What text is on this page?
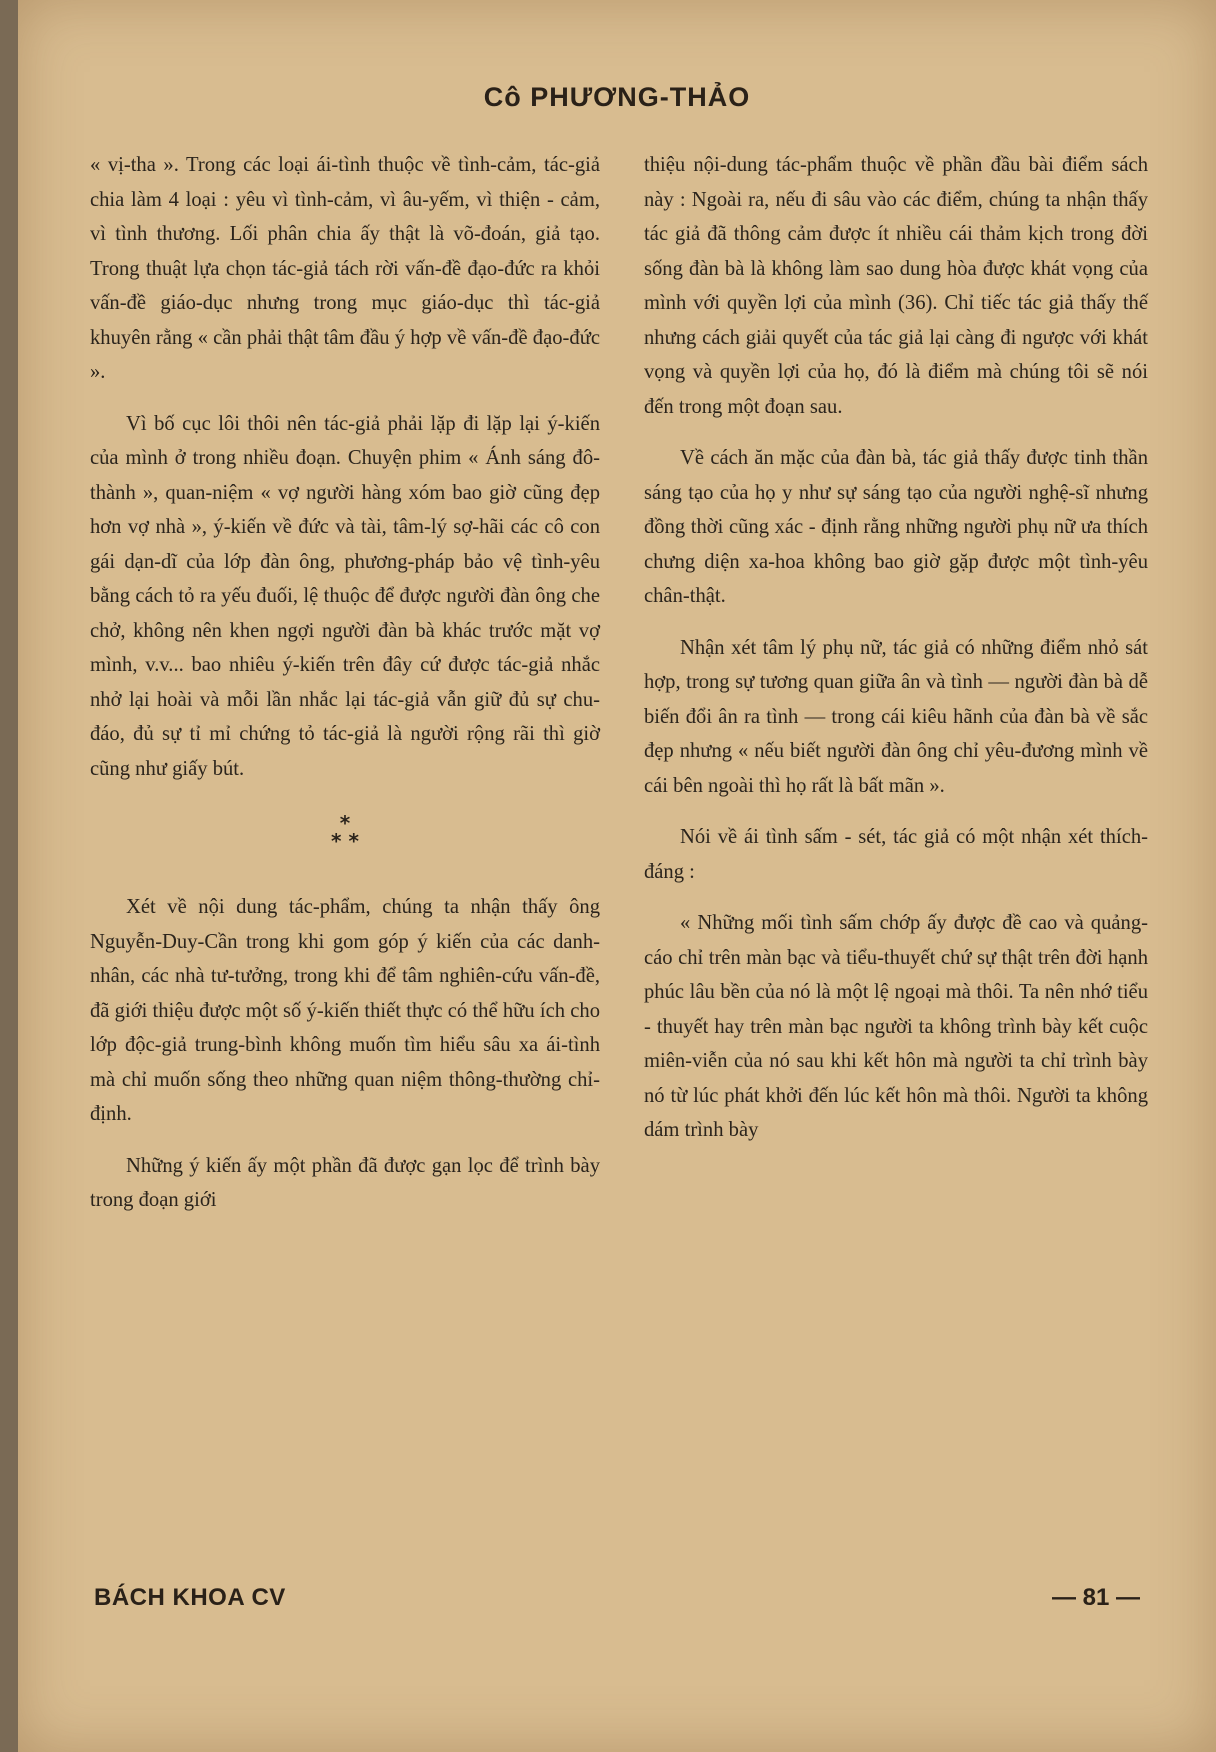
Cô PHƯƠNG-THẢO

« vị-tha ». Trong các loại ái-tình thuộc về tình-cảm, tác-giả chia làm 4 loại : yêu vì tình-cảm, vì âu-yếm, vì thiện - cảm, vì tình thương. Lối phân chia ấy thật là võ-đoán, giả tạo. Trong thuật lựa chọn tác-giả tách rời vấn-đề đạo-đức ra khỏi vấn-đề giáo-dục nhưng trong mục giáo-dục thì tác-giả khuyên rằng « cần phải thật tâm đầu ý hợp về vấn-đề đạo-đức ».

Vì bố cục lôi thôi nên tác-giả phải lặp đi lặp lại ý-kiến của mình ở trong nhiều đoạn. Chuyện phim « Ánh sáng đô-thành », quan-niệm « vợ người hàng xóm bao giờ cũng đẹp hơn vợ nhà », ý-kiến về đức và tài, tâm-lý sợ-hãi các cô con gái dạn-dĩ của lớp đàn ông, phương-pháp bảo vệ tình-yêu bằng cách tỏ ra yếu đuối, lệ thuộc để được người đàn ông che chở, không nên khen ngợi người đàn bà khác trước mặt vợ mình, v.v... bao nhiêu ý-kiến trên đây cứ được tác-giả nhắc nhở lại hoài và mỗi lần nhắc lại tác-giả vẫn giữ đủ sự chu-đáo, đủ sự tỉ mỉ chứng tỏ tác-giả là người rộng rãi thì giờ cũng như giấy bút.

*
* *

Xét về nội dung tác-phẩm, chúng ta nhận thấy ông Nguyễn-Duy-Cần trong khi gom góp ý kiến của các danh-nhân, các nhà tư-tưởng, trong khi để tâm nghiên-cứu vấn-đề, đã giới thiệu được một số ý-kiến thiết thực có thể hữu ích cho lớp độc-giả trung-bình không muốn tìm hiểu sâu xa ái-tình mà chỉ muốn sống theo những quan niệm thông-thường chỉ-định.

Những ý kiến ấy một phần đã được gạn lọc để trình bày trong đoạn giới

thiệu nội-dung tác-phẩm thuộc về phần đầu bài điểm sách này : Ngoài ra, nếu đi sâu vào các điểm, chúng ta nhận thấy tác giả đã thông cảm được ít nhiều cái thảm kịch trong đời sống đàn bà là không làm sao dung hòa được khát vọng của mình với quyền lợi của mình (36). Chỉ tiếc tác giả thấy thế nhưng cách giải quyết của tác giả lại càng đi ngược với khát vọng và quyền lợi của họ, đó là điểm mà chúng tôi sẽ nói đến trong một đoạn sau.

Về cách ăn mặc của đàn bà, tác giả thấy được tinh thần sáng tạo của họ y như sự sáng tạo của người nghệ-sĩ nhưng đồng thời cũng xác - định rằng những người phụ nữ ưa thích chưng diện xa-hoa không bao giờ gặp được một tình-yêu chân-thật.

Nhận xét tâm lý phụ nữ, tác giả có những điểm nhỏ sát hợp, trong sự tương quan giữa ân và tình — người đàn bà dễ biến đổi ân ra tình — trong cái kiêu hãnh của đàn bà về sắc đẹp nhưng « nếu biết người đàn ông chỉ yêu-đương mình về cái bên ngoài thì họ rất là bất mãn ».

Nói về ái tình sấm - sét, tác giả có một nhận xét thích-đáng :

« Những mối tình sấm chớp ấy được đề cao và quảng-cáo chỉ trên màn bạc và tiểu-thuyết chứ sự thật trên đời hạnh phúc lâu bền của nó là một lệ ngoại mà thôi. Ta nên nhớ tiểu - thuyết hay trên màn bạc người ta không trình bày kết cuộc miên-viễn của nó sau khi kết hôn mà người ta chỉ trình bày nó từ lúc phát khởi đến lúc kết hôn mà thôi. Người ta không dám trình bày

BÁCH KHOA CV	— 81 —
